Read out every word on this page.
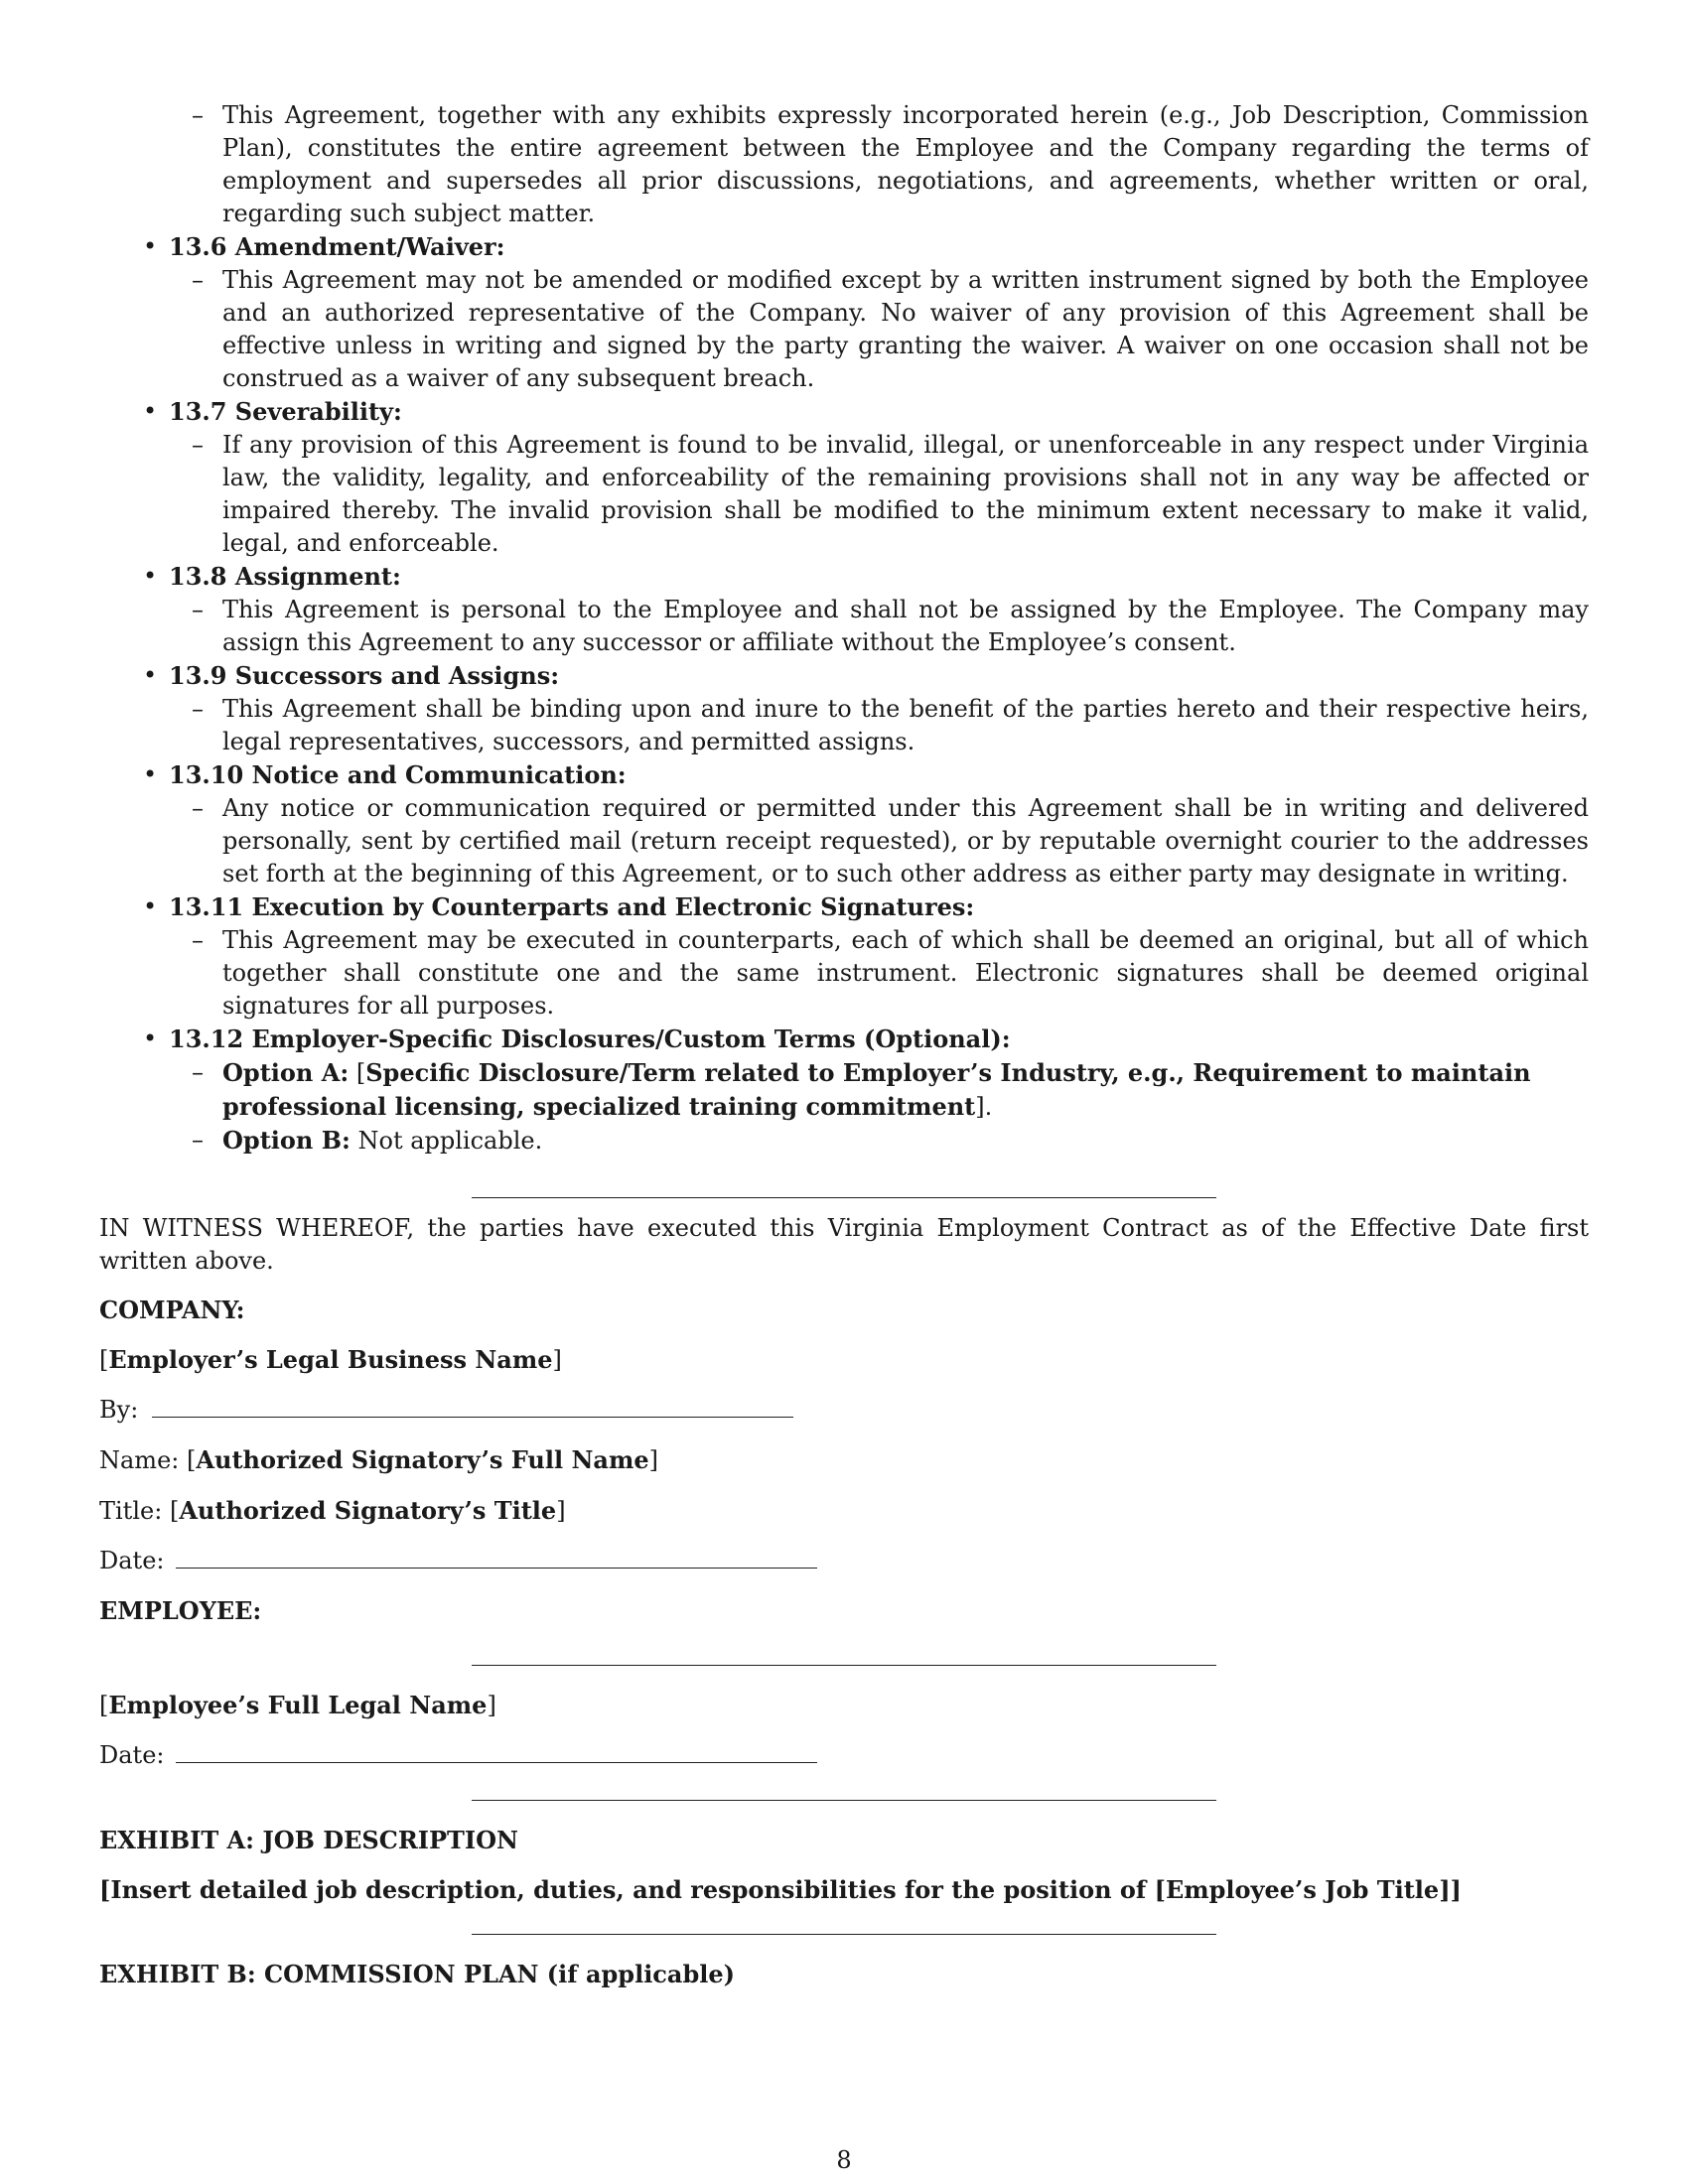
– This Agreement, together with any exhibits expressly incorporated herein (e.g., Job Description, Commission Plan), constitutes the entire agreement between the Employee and the Company regarding the terms of employment and supersedes all prior discussions, negotiations, and agreements, whether written or oral, regarding such subject matter.
• 13.6 Amendment/Waiver:
– This Agreement may not be amended or modified except by a written instrument signed by both the Employee and an authorized representative of the Company. No waiver of any provision of this Agreement shall be effective unless in writing and signed by the party granting the waiver. A waiver on one occasion shall not be construed as a waiver of any subsequent breach.
• 13.7 Severability:
– If any provision of this Agreement is found to be invalid, illegal, or unenforceable in any respect under Virginia law, the validity, legality, and enforceability of the remaining provisions shall not in any way be affected or impaired thereby. The invalid provision shall be modified to the minimum extent necessary to make it valid, legal, and enforceable.
• 13.8 Assignment:
– This Agreement is personal to the Employee and shall not be assigned by the Employee. The Company may assign this Agreement to any successor or affiliate without the Employee’s consent.
• 13.9 Successors and Assigns:
– This Agreement shall be binding upon and inure to the benefit of the parties hereto and their respective heirs, legal representatives, successors, and permitted assigns.
• 13.10 Notice and Communication:
– Any notice or communication required or permitted under this Agreement shall be in writing and delivered personally, sent by certified mail (return receipt requested), or by reputable overnight courier to the addresses set forth at the beginning of this Agreement, or to such other address as either party may designate in writing.
• 13.11 Execution by Counterparts and Electronic Signatures:
– This Agreement may be executed in counterparts, each of which shall be deemed an original, but all of which together shall constitute one and the same instrument. Electronic signatures shall be deemed original signatures for all purposes.
• 13.12 Employer-Specific Disclosures/Custom Terms (Optional):
– Option A: [Specific Disclosure/Term related to Employer’s Industry, e.g., Requirement to maintain professional licensing, specialized training commitment].
– Option B: Not applicable.

IN WITNESS WHEREOF, the parties have executed this Virginia Employment Contract as of the Effective Date first written above.

COMPANY:

[Employer’s Legal Business Name]

By:

Name: [Authorized Signatory’s Full Name]

Title: [Authorized Signatory’s Title]

Date:

EMPLOYEE:

[Employee’s Full Legal Name]

Date:

EXHIBIT A: JOB DESCRIPTION

[Insert detailed job description, duties, and responsibilities for the position of [Employee’s Job Title]]

EXHIBIT B: COMMISSION PLAN (if applicable)

8
